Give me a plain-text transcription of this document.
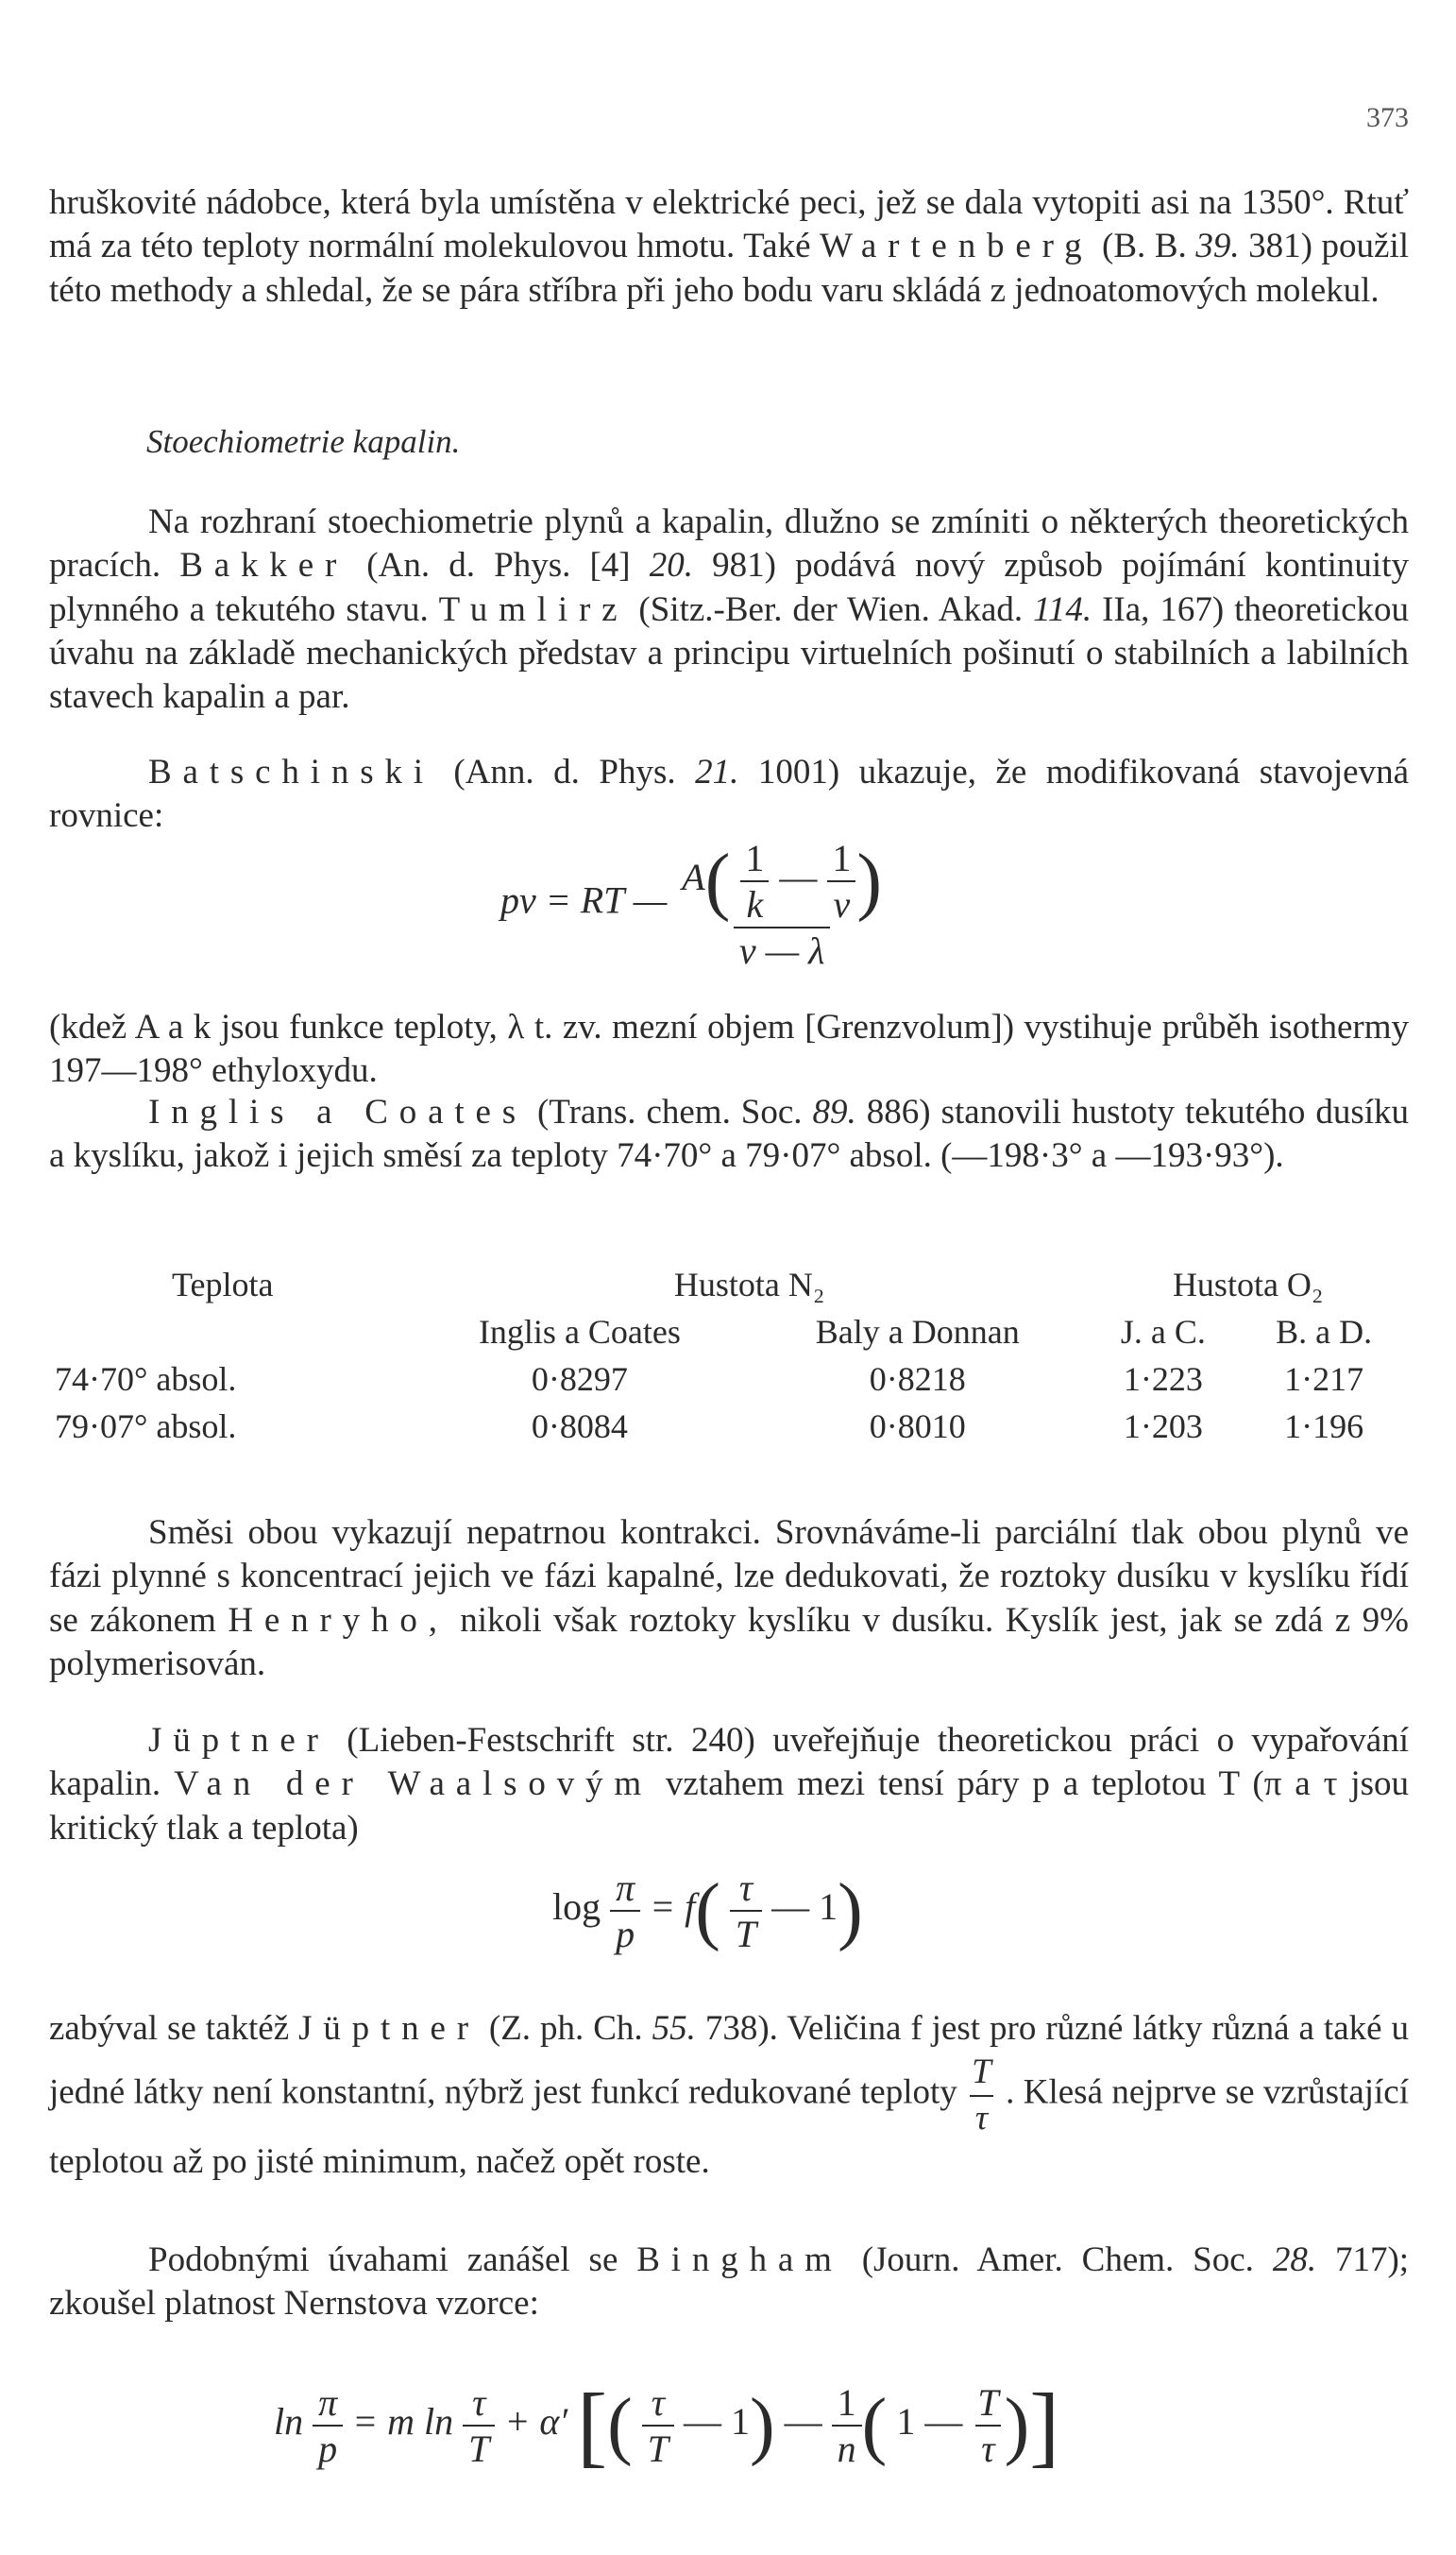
373
hruškovité nádobce, která byla umístěna v elektrické peci, jež se dala vytopiti asi na 1350°. Rtuť má za této teploty normální molekulovou hmotu. Také Wartenberg (B. B. 39. 381) použil této methody a shledal, že se pára stříbra při jeho bodu varu skládá z jednoatomových molekul.
Stoechiometrie kapalin.
Na rozhraní stoechiometrie plynů a kapalin, dlužno se zmíniti o některých theoretických pracích. Bakker (An. d. Phys. [4] 20. 981) podává nový způsob pojímání kontinuity plynného a tekutého stavu. Tumlirz (Sitz.-Ber. der Wien. Akad. 114. IIa, 167) theoretickou úvahu na základě mechanických představ a principu virtuelních pošinutí o stabilních a labilních stavech kapalin a par.
Batschinski (Ann. d. Phys. 21. 1001) ukazuje, že modifikovaná stavojevná rovnice:
pv = RT —
$A( \frac{1}{k}$ — $\frac{1}{v}$ )
v — λ
(kdež A a k jsou funkce teploty, λ t. zv. mezní objem [Grenzvolum]) vystihuje průběh isothermy 197—198° ethyloxydu.
Inglis a Coates (Trans. chem. Soc. 89. 886) stanovili hustoty tekutého dusíku a kyslíku, jakož i jejich směsí za teploty 74·70° a 79·07° absol. (—198·3° a —193·93°).
Teplota	Hustota N₂		Hustota O₂	
	Inglis a Coates	Baly a Donnan	J. a C.	B. a D.
74·70° absol.	0·8297	0·8218	1·223	1·217
79·07° absol.	0·8084	0·8010	1·203	1·196
Směsi obou vykazují nepatrnou kontrakci. Srovnáváme-li parciální tlak obou plynů ve fázi plynné s koncentrací jejich ve fázi kapalné, lze dedukovati, že roztoky dusíku v kyslíku řídí se zákonem Henryho, nikoli však roztoky kyslíku v dusíku. Kyslík jest, jak se zdá z 9% polymerisován.
Jüptner (Lieben-Festschrift str. 240) uveřejňuje theoretickou práci o vypařování kapalin. Van der Waalsovým vztahem mezi tensí páry p a teplotou T (π a τ jsou kritický tlak a teplota)
$\log \frac{\pi}{p} = f( \frac{\tau}{T}$ — 1)
zabýval se taktéž Jüptner (Z. ph. Ch. 55. 738). Veličina f jest pro různé látky různá a také u jedné látky není konstantní, nýbrž jest funkcí redukované teploty $\frac{T}{\tau}$ . Klesá nejprve se vzrůstající teplotou až po jisté minimum, načež opět roste.
Podobnými úvahami zanášel se Bingham (Journ. Amer. Chem. Soc. 28. 717); zkoušel platnost Nernstova vzorce:
$\ln \frac{\pi}{p} = m$ $\ln \frac{\tau}{T} + \alpha'$ [( $\frac{\tau}{T}$ — 1) — $\frac{1}{n}$ ( 1 — $\frac{T}{\tau}$ )]
